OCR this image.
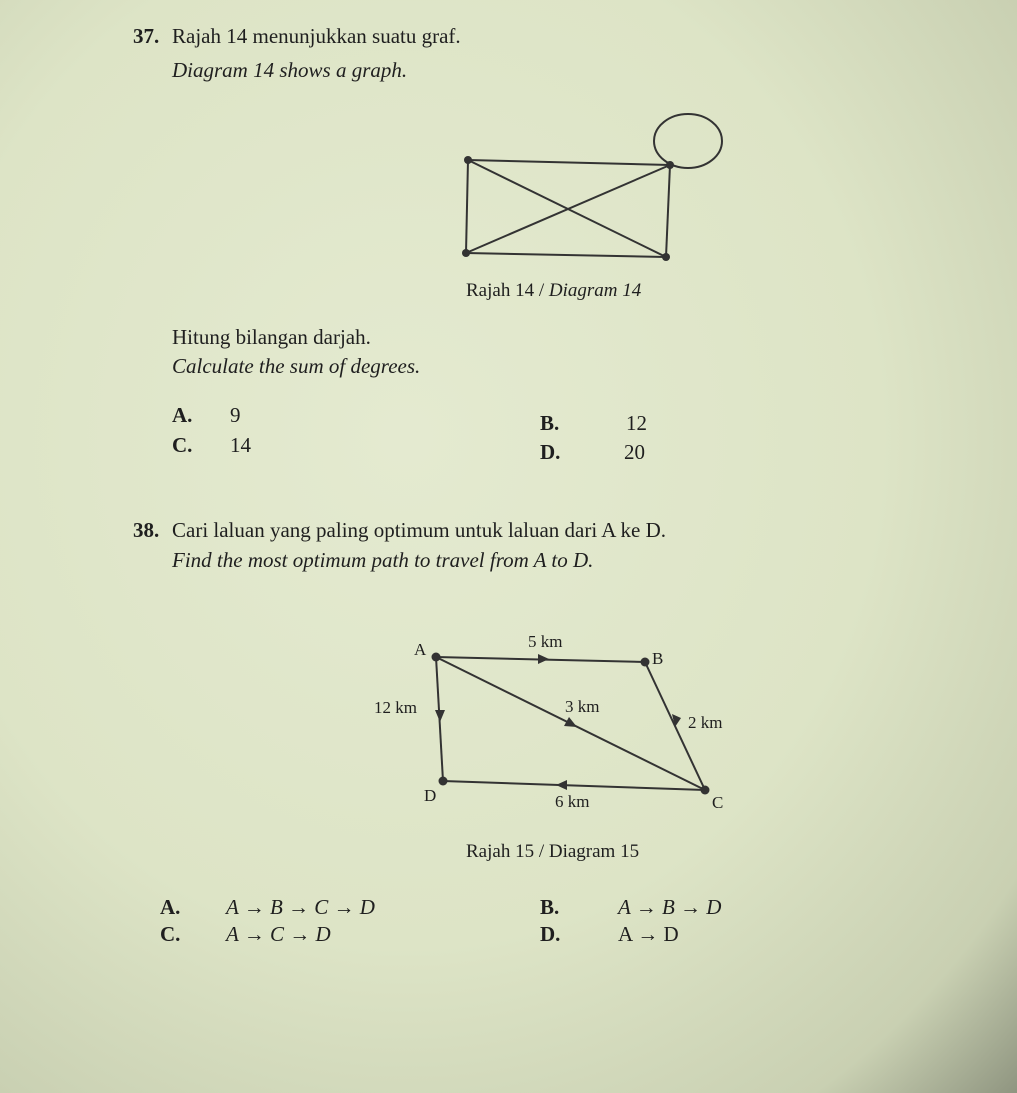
37. Rajah 14 menunjukkan suatu graf.
Diagram 14 shows a graph.
A	B
C
D
5 km
12 km	3 km
2 km
6 km
Rajah 14 / Diagram 14
Hitung bilangan darjah.
Calculate the sum of degrees.
A. 9	B.	12
C. 14	D.	20
38. Cari laluan yang paling optimum untuk laluan dari A ke D.
Find the most optimum path to travel from A to D.
Rajah 15 / Diagram 15
A. A → B → C → D	B.	A → B → D
C. A → C → D	D.	A → D
